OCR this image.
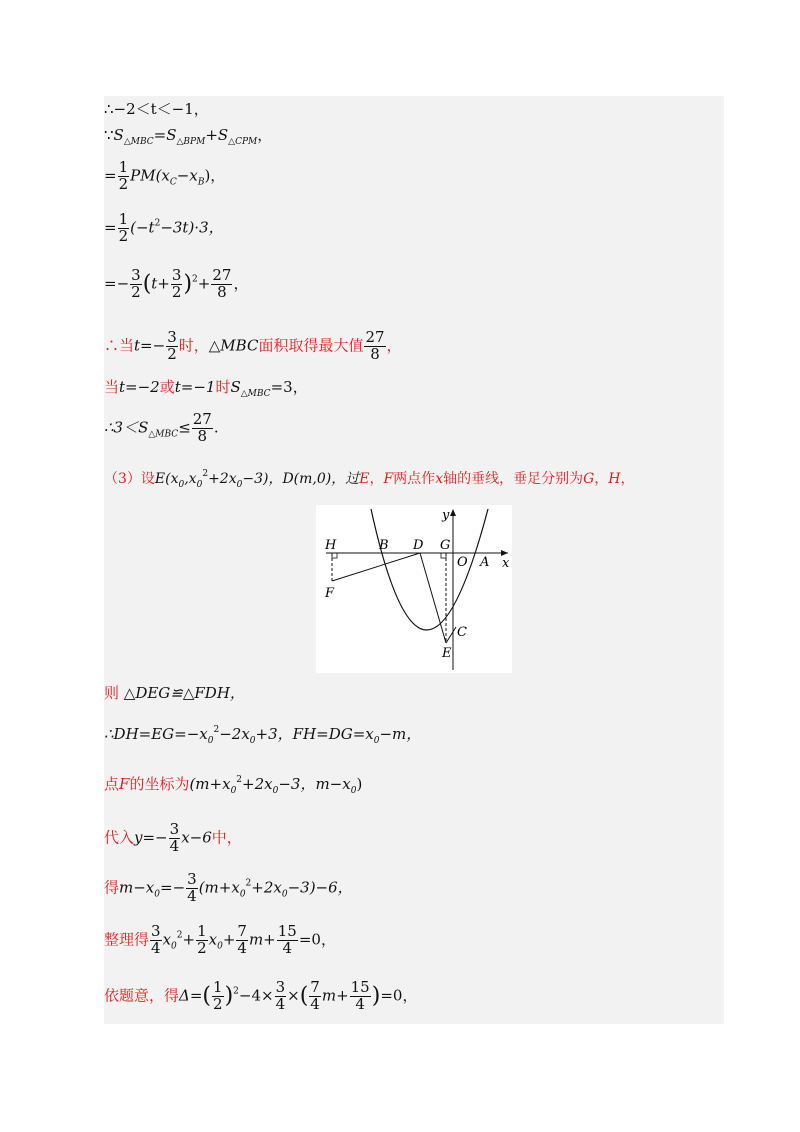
∴−2＜t＜−1，
$\because S_{\triangle MBC}=S_{\triangle BPM}+S_{\triangle CPM}$，
= $\frac{1}{2} PM(x_C-x_B)$，
= $\frac{1}{2} (-t^2-3t)\cdot 3$，
=− $\frac{3}{2} (t+ \frac{3}{2} )^2+ \frac{27}{8}$ ，
∴当$t=- \frac{3}{2}$ 时，△MBC面积取得最大值 $\frac{27}{8}$ ，
当t=−2或t=−1时$S_{\triangle MBC}=3$，
$\therefore 3<S_{\triangle MBC}\le \frac{27}{8}$ .
（3）设$E(x_0,x_0^2+2x_0-3)$，D(m,0)，过E，F两点作x轴的垂线，垂足分别为G，H，
y
x
H	B D G
O A
F
C
E
则 △DEG≌△FDH，
$\therefore DH=EG=-x_0^2-2x_0+3$，$FH=DG=x_0-m$，
点F的坐标为($m+x_0^2+2x_0-3$，$m-x_0$)
代入$y=- \frac{3}{4} x-6$中，
得$m-x_0=- \frac{3}{4} (m+x_0^2+2x_0-3)-6$，
整理得 $\frac{3}{4} x_0^2+ \frac{1}{2} x_0+ \frac{7}{4} m+ \frac{15}{4} =0$，
依题意，得$\Delta=( \frac{1}{2} )^2-4\times \frac{3}{4}$ ×( $\frac{7}{4} m+ \frac{15}{4} )=0$，
